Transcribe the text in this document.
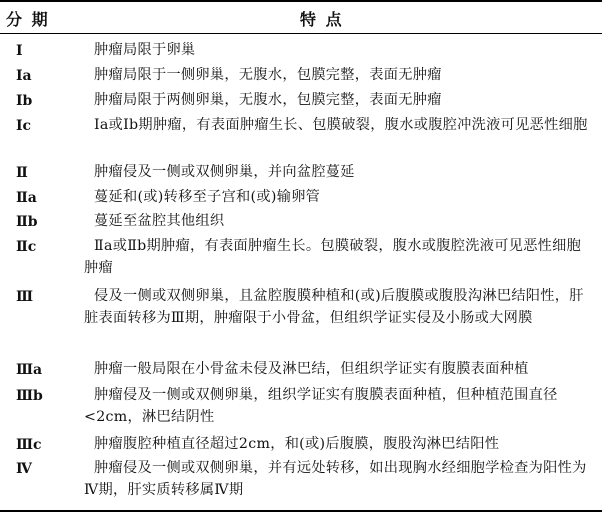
分 期	特 点
Ⅰ	肿瘤局限于卵巢
Ⅰa	肿瘤局限于一侧卵巢，无腹水，包膜完整，表面无肿瘤
Ⅰb	肿瘤局限于两侧卵巢，无腹水，包膜完整，表面无肿瘤
Ⅰc	Ⅰa或Ⅰb期肿瘤，有表面肿瘤生长、包膜破裂，腹水或腹腔冲洗液可见恶性细胞
Ⅱ	肿瘤侵及一侧或双侧卵巢，并向盆腔蔓延
Ⅱa	蔓延和(或)转移至子宫和(或)输卵管
Ⅱb	蔓延至盆腔其他组织
Ⅱc	Ⅱa或Ⅱb期肿瘤，有表面肿瘤生长。包膜破裂，腹水或腹腔洗液可见恶性细胞肿瘤
Ⅲ	侵及一侧或双侧卵巢，且盆腔腹膜种植和(或)后腹膜或腹股沟淋巴结阳性，肝脏表面转移为Ⅲ期，肿瘤限于小骨盆，但组织学证实侵及小肠或大网膜
Ⅲa	肿瘤一般局限在小骨盆未侵及淋巴结，但组织学证实有腹膜表面种植
Ⅲb	肿瘤侵及一侧或双侧卵巢，组织学证实有腹膜表面种植，但种植范围直径<2cm，淋巴结阴性
Ⅲc	肿瘤腹腔种植直径超过2cm，和(或)后腹膜，腹股沟淋巴结阳性
Ⅳ	肿瘤侵及一侧或双侧卵巢，并有远处转移，如出现胸水经细胞学检查为阳性为Ⅳ期，肝实质转移属Ⅳ期
